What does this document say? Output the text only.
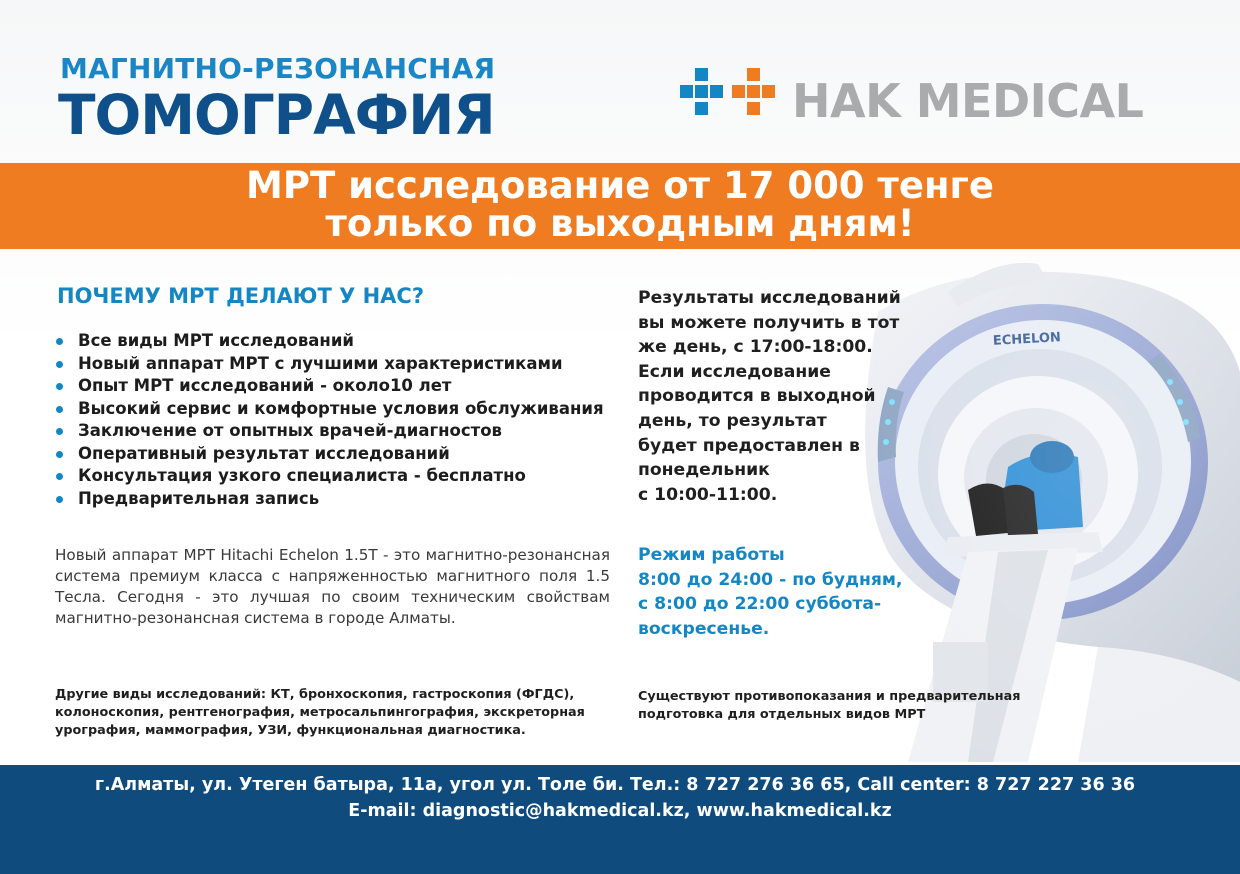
МАГНИТНО-РЕЗОНАНСНАЯ
ТОМОГРАФИЯ	HAK MEDICAL
МРТ исследование от 17 000 тенге
только по выходным дням!
ECHELON
ПОЧЕМУ МРТ ДЕЛАЮТ У НАС?
Все виды МРТ исследований
Новый аппарат МРТ с лучшими характеристиками
Опыт МРТ исследований - около10 лет
Высокий сервис и комфортные условия обслуживания
Заключение от опытных врачей-диагностов
Оперативный результат исследований
Консультация узкого специалиста - бесплатно
Предварительная запись
Новый аппарат МРТ Hitachi Echelon 1.5Т - это магнитно-резонансная система премиум класса с напряженностью магнитного поля 1.5 Тесла. Сегодня - это лучшая по своим техническим свойствам магнитно-резонансная система в городе Алматы.
Другие виды исследований: КТ, бронхоскопия, гастроскопия (ФГДС), колоноскопия, рентгенография, метросальпингография, экскреторная урография, маммография, УЗИ, функциональная диагностика.
Результаты исследований
вы можете получить в тот
же день, с 17:00-18:00.
Если исследование
проводится в выходной
день, то результат
будет предоставлен в
понедельник
с 10:00-11:00.
Режим работы
8:00 до 24:00 - по будням,
с 8:00 до 22:00 суббота-
воскресенье.
Существуют противопоказания и предварительная подготовка для отдельных видов МРТ
г.Алматы, ул. Утеген батыра, 11а, угол ул. Толе би. Тел.: 8 727 276 36 65, Call center: 8 727 227 36 36
E-mail: diagnostic@hakmedical.kz, www.hakmedical.kz
